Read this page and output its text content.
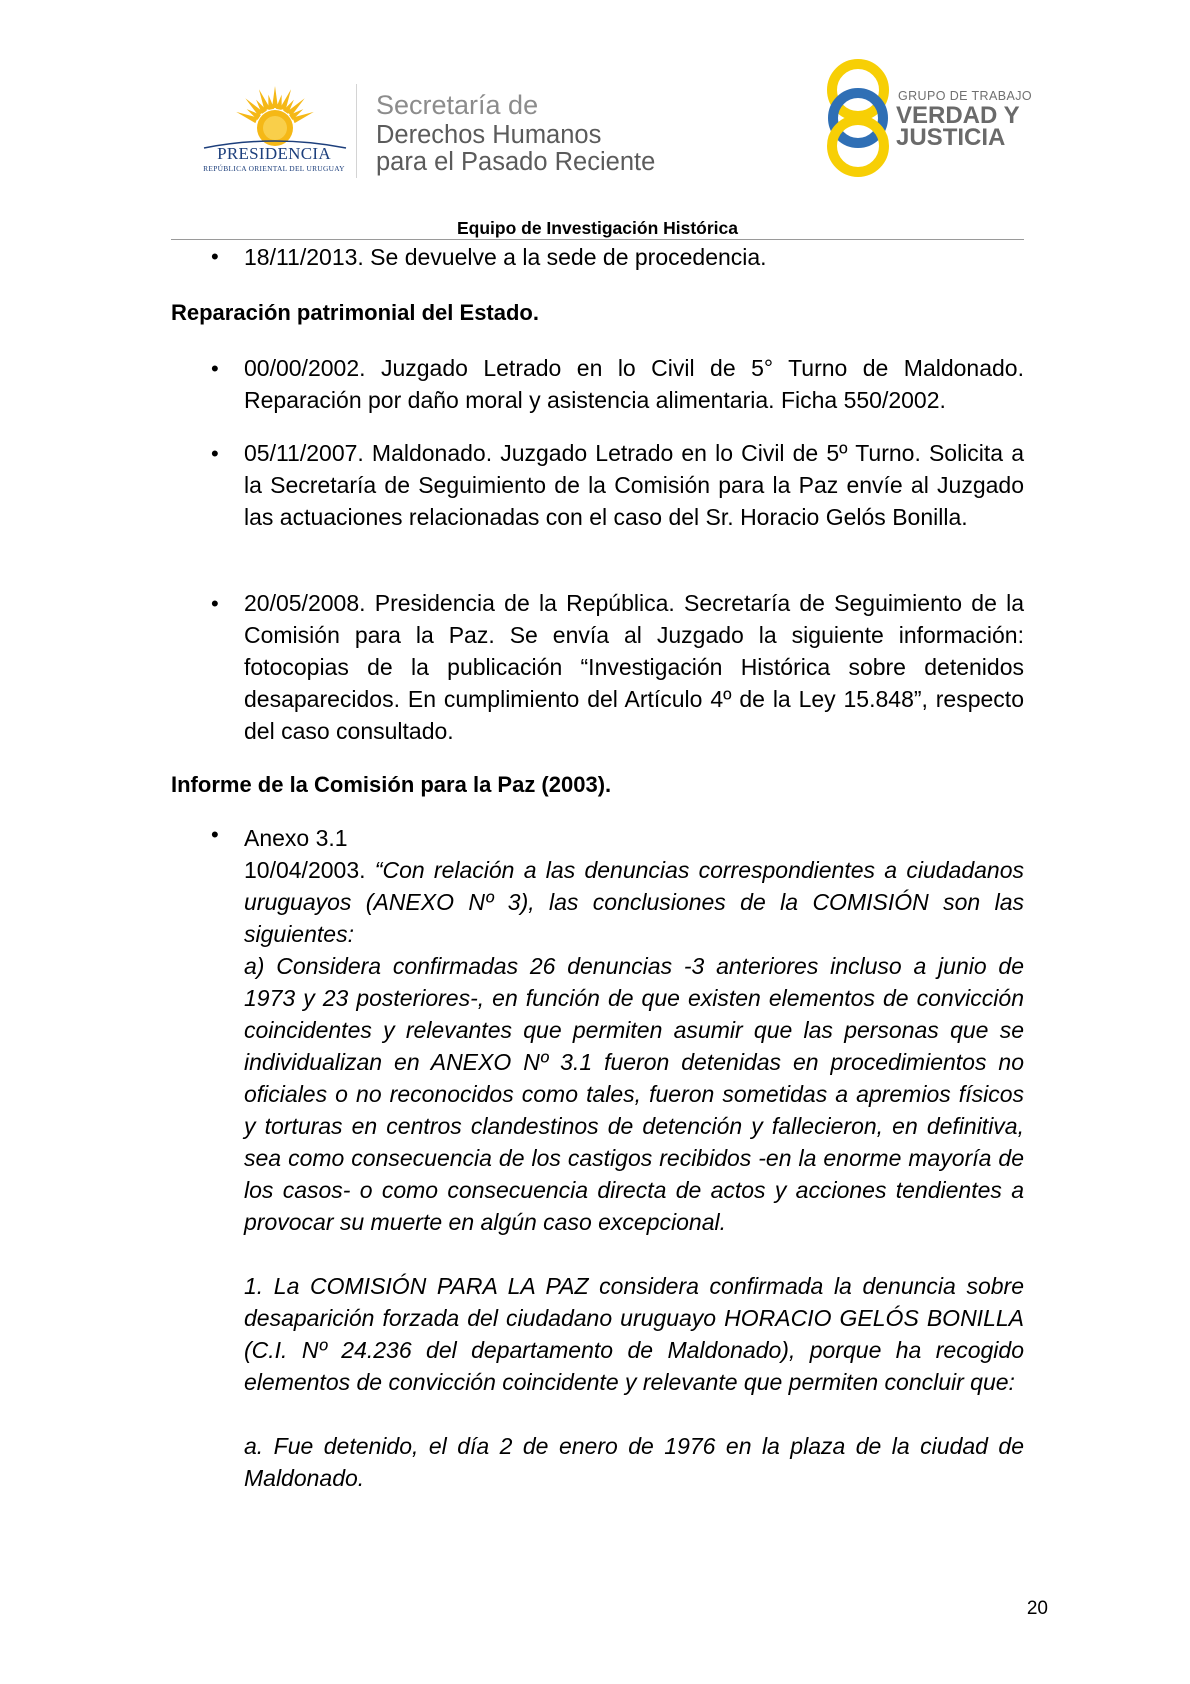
PRESIDENCIA
REPÚBLICA ORIENTAL DEL URUGUAY
Secretaría de
Derechos Humanos
para el Pasado Reciente
GRUPO DE TRABAJO
VERDAD Y
JUSTICIA
Equipo de Investigación Histórica
• 18/11/2013. Se devuelve a la sede de procedencia.
Reparación patrimonial del Estado.
• 00/00/2002. Juzgado Letrado en lo Civil de 5° Turno de Maldonado. Reparación por daño moral y asistencia alimentaria. Ficha 550/2002.
• 05/11/2007. Maldonado. Juzgado Letrado en lo Civil de 5º Turno. Solicita a la Secretaría de Seguimiento de la Comisión para la Paz envíe al Juzgado las actuaciones relacionadas con el caso del Sr. Horacio Gelós Bonilla.
• 20/05/2008. Presidencia de la República. Secretaría de Seguimiento de la Comisión para la Paz. Se envía al Juzgado la siguiente información: fotocopias de la publicación “Investigación Histórica sobre detenidos desaparecidos. En cumplimiento del Artículo 4º de la Ley 15.848”, respecto del caso consultado.
Informe de la Comisión para la Paz (2003).
• Anexo 3.1
10/04/2003. “Con relación a las denuncias correspondientes a ciudadanos uruguayos (ANEXO Nº 3), las conclusiones de la COMISIÓN son las siguientes:
a) Considera confirmadas 26 denuncias -3 anteriores incluso a junio de 1973 y 23 posteriores-, en función de que existen elementos de convicción coincidentes y relevantes que permiten asumir que las personas que se individualizan en ANEXO Nº 3.1 fueron detenidas en procedimientos no oficiales o no reconocidos como tales, fueron sometidas a apremios físicos y torturas en centros clandestinos de detención y fallecieron, en definitiva, sea como consecuencia de los castigos recibidos -en la enorme mayoría de los casos- o como consecuencia directa de actos y acciones tendientes a provocar su muerte en algún caso excepcional.
1. La COMISIÓN PARA LA PAZ considera confirmada la denuncia sobre desaparición forzada del ciudadano uruguayo HORACIO GELÓS BONILLA (C.I. Nº 24.236 del departamento de Maldonado), porque ha recogido elementos de convicción coincidente y relevante que permiten concluir que:
a. Fue detenido, el día 2 de enero de 1976 en la plaza de la ciudad de Maldonado.
20
